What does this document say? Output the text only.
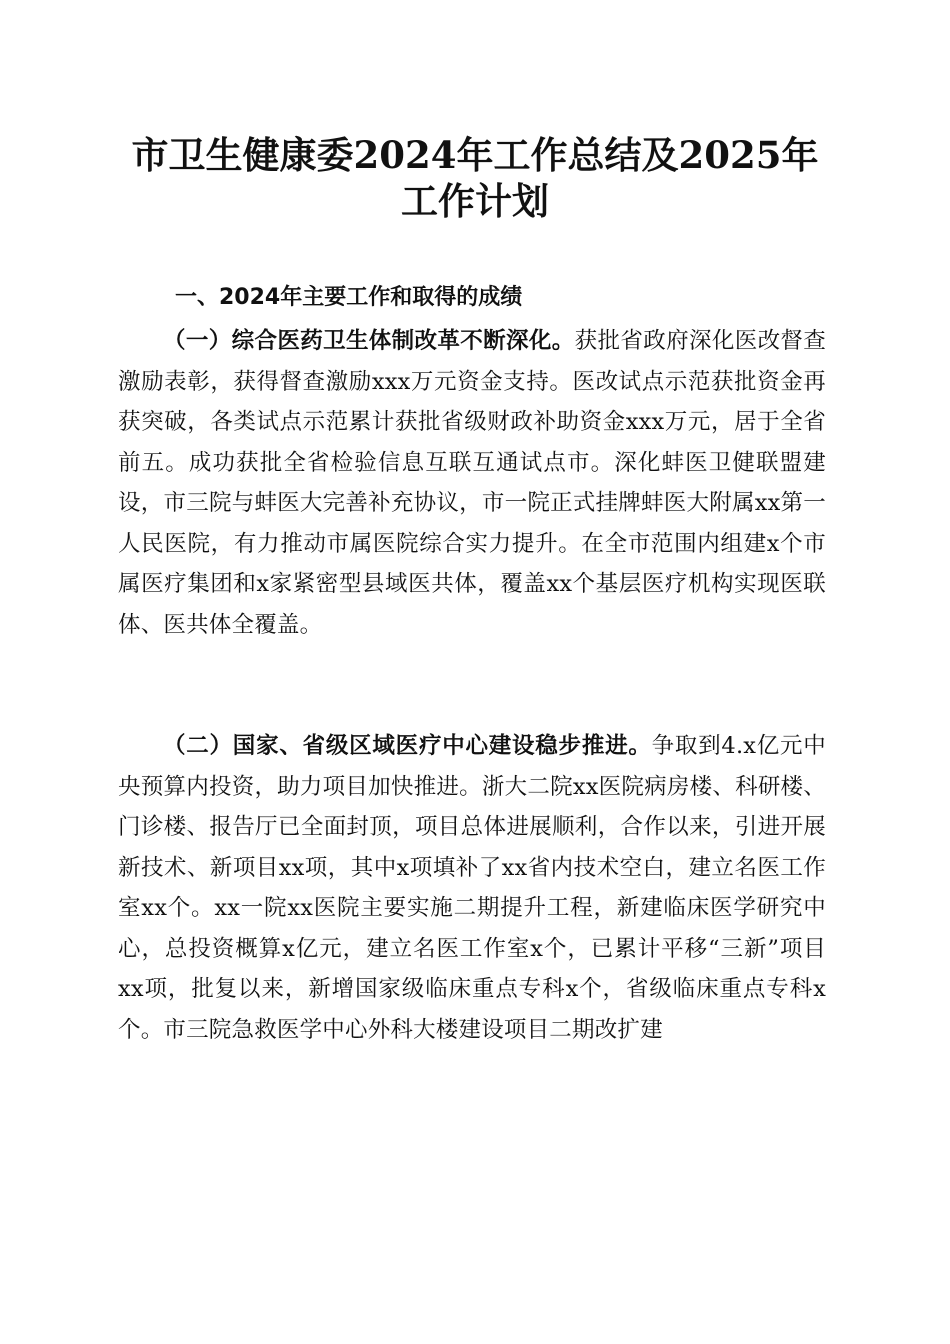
市卫生健康委2024年工作总结及2025年工作计划
一、2024年主要工作和取得的成绩

（一）综合医药卫生体制改革不断深化。获批省政府深化医改督查激励表彰，获得督查激励xxx万元资金支持。医改试点示范获批资金再获突破，各类试点示范累计获批省级财政补助资金xxx万元，居于全省前五。成功获批全省检验信息互联互通试点市。深化蚌医卫健联盟建设，市三院与蚌医大完善补充协议，市一院正式挂牌蚌医大附属xx第一人民医院，有力推动市属医院综合实力提升。在全市范围内组建x个市属医疗集团和x家紧密型县域医共体，覆盖xx个基层医疗机构实现医联体、医共体全覆盖。

（二）国家、省级区域医疗中心建设稳步推进。争取到4.x亿元中央预算内投资，助力项目加快推进。浙大二院xx医院病房楼、科研楼、门诊楼、报告厅已全面封顶，项目总体进展顺利，合作以来，引进开展新技术、新项目xx项，其中x项填补了xx省内技术空白，建立名医工作室xx个。xx一院xx医院主要实施二期提升工程，新建临床医学研究中心，总投资概算x亿元，建立名医工作室x个，已累计平移“三新”项目xx项，批复以来，新增国家级临床重点专科x个，省级临床重点专科x个。市三院急救医学中心外科大楼建设项目二期改扩建
